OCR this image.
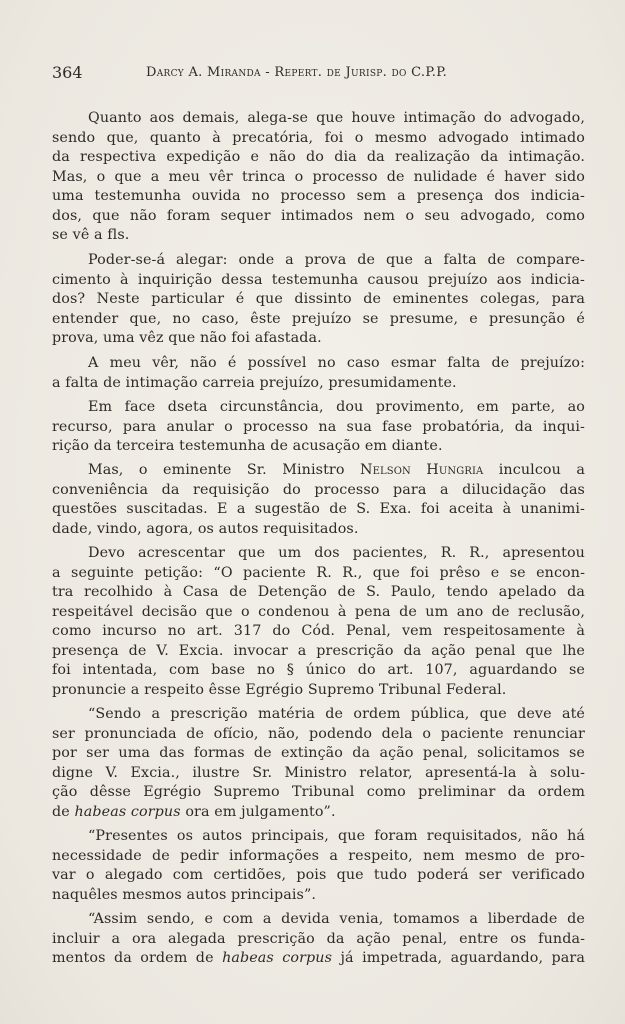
364	Darcy A. Miranda - Repert. de Jurisp. do C.P.P.
Quanto aos demais, alega-se que houve intimação do advogado,
sendo que, quanto à precatória, foi o mesmo advogado intimado
da respectiva expedição e não do dia da realização da intimação.
Mas, o que a meu vêr trinca o processo de nulidade é haver sido
uma testemunha ouvida no processo sem a presença dos indicia-
dos, que não foram sequer intimados nem o seu advogado, como
se vê a fls.
Poder-se-á alegar: onde a prova de que a falta de compare-
cimento à inquirição dessa testemunha causou prejuízo aos indicia-
dos? Neste particular é que dissinto de eminentes colegas, para
entender que, no caso, êste prejuízo se presume, e presunção é
prova, uma vêz que não foi afastada.
A meu vêr, não é possível no caso esmar falta de prejuízo:
a falta de intimação carreia prejuízo, presumidamente.
Em face dseta circunstância, dou provimento, em parte, ao
recurso, para anular o processo na sua fase probatória, da inqui-
rição da terceira testemunha de acusação em diante.
Mas, o eminente Sr. Ministro Nelson Hungria inculcou a
conveniência da requisição do processo para a dilucidação das
questões suscitadas. E a sugestão de S. Exa. foi aceita à unanimi-
dade, vindo, agora, os autos requisitados.
Devo acrescentar que um dos pacientes, R. R., apresentou
a seguinte petição: “O paciente R. R., que foi prêso e se encon-
tra recolhido à Casa de Detenção de S. Paulo, tendo apelado da
respeitável decisão que o condenou à pena de um ano de reclusão,
como incurso no art. 317 do Cód. Penal, vem respeitosamente à
presença de V. Excia. invocar a prescrição da ação penal que lhe
foi intentada, com base no § único do art. 107, aguardando se
pronuncie a respeito êsse Egrégio Supremo Tribunal Federal.
“Sendo a prescrição matéria de ordem pública, que deve até
ser pronunciada de ofício, não, podendo dela o paciente renunciar
por ser uma das formas de extinção da ação penal, solicitamos se
digne V. Excia., ilustre Sr. Ministro relator, apresentá-la à solu-
ção dêsse Egrégio Supremo Tribunal como preliminar da ordem
de habeas corpus ora em julgamento”.
“Presentes os autos principais, que foram requisitados, não há
necessidade de pedir informações a respeito, nem mesmo de pro-
var o alegado com certidões, pois que tudo poderá ser verificado
naquêles mesmos autos principais”.
“Assim sendo, e com a devida venia, tomamos a liberdade de
incluir a ora alegada prescrição da ação penal, entre os funda-
mentos da ordem de habeas corpus já impetrada, aguardando, para
